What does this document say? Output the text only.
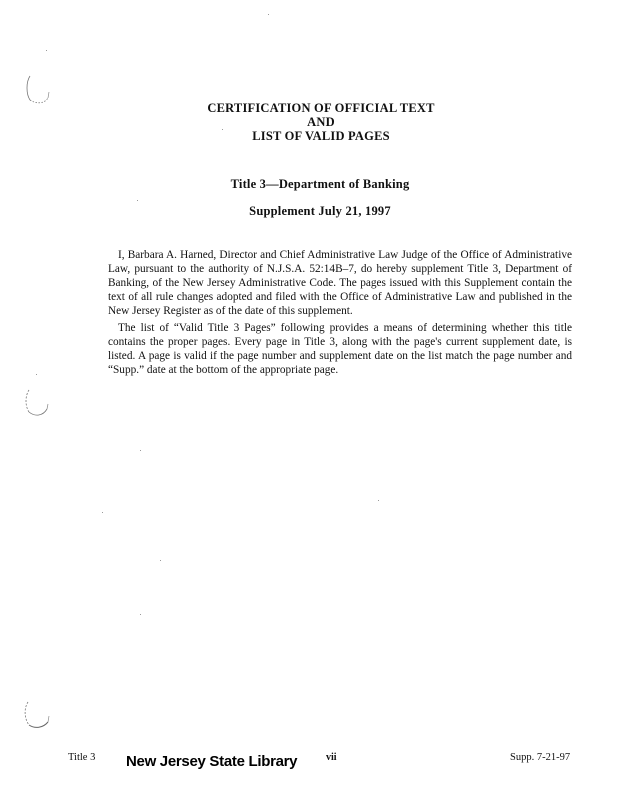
CERTIFICATION OF OFFICIAL TEXT
AND
LIST OF VALID PAGES
Title 3—Department of Banking
Supplement July 21, 1997

I, Barbara A. Harned, Director and Chief Administrative Law Judge of the Office of Administrative Law, pursuant to the authority of N.J.S.A. 52:14B–7, do hereby supplement Title 3, Department of Banking, of the New Jersey Administrative Code. The pages issued with this Supplement contain the text of all rule changes adopted and filed with the Office of Administrative Law and published in the New Jersey Register as of the date of this supplement.

The list of “Valid Title 3 Pages” following provides a means of determining whether this title contains the proper pages. Every page in Title 3, along with the page's current supplement date, is listed. A page is valid if the page number and supplement date on the list match the page number and “Supp.” date at the bottom of the appropriate page.

Title 3 New Jersey State Library	vii	Supp. 7-21-97
